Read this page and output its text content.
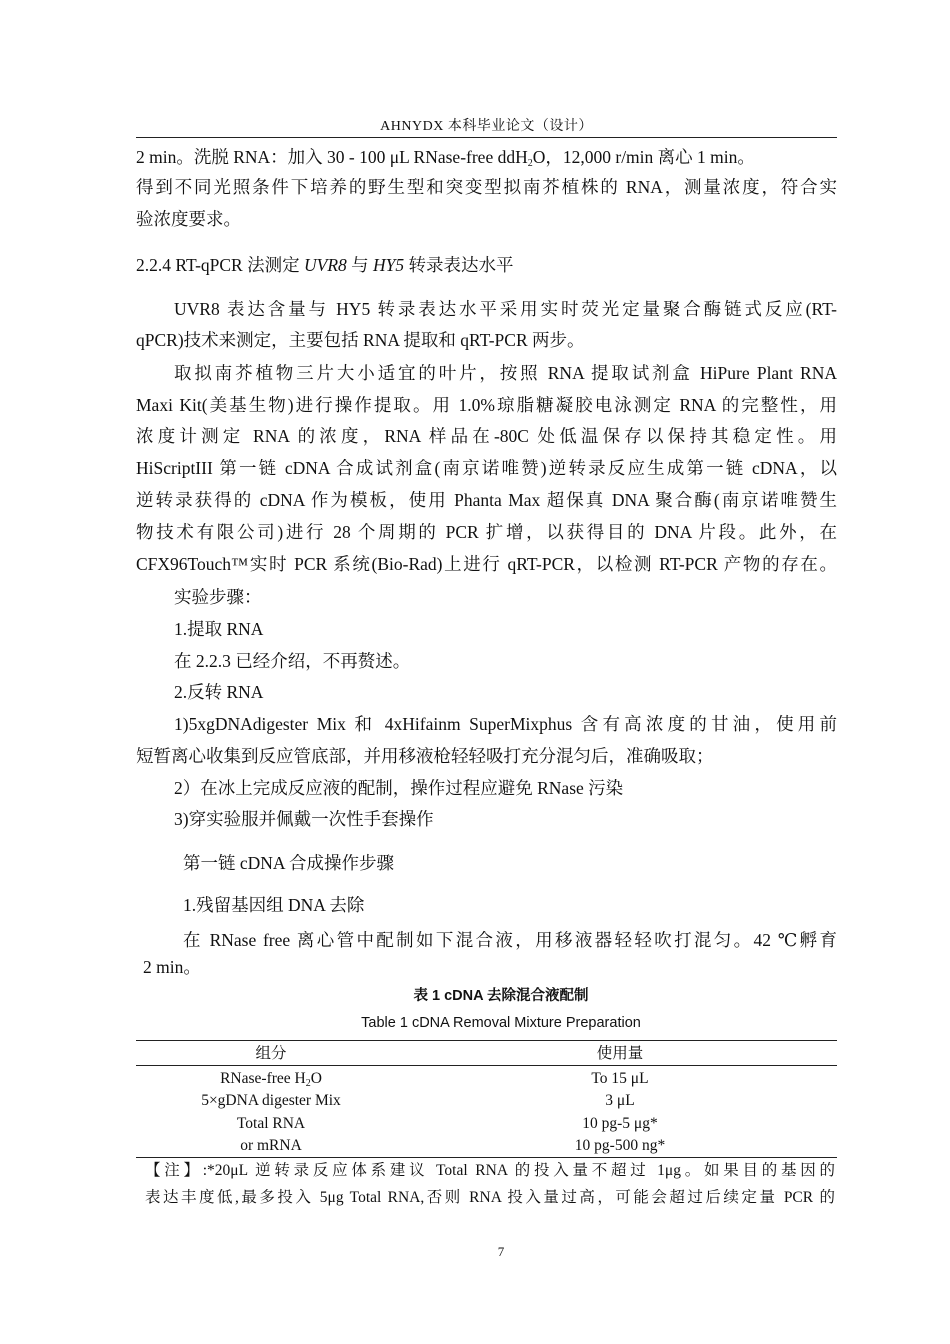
AHNYDX 本科毕业论文（设计）
2 min。洗脱 RNA：加入 30 - 100 μL RNase-free ddH$_2$O，12,000 r/min 离心 1 min。
得到不同光照条件下培养的野生型和突变型拟南芥植株的 RNA，测量浓度，符合实
验浓度要求。
2.2.4 RT-qPCR 法测定 UVR8 与 HY5 转录表达水平
UVR8 表达含量与 HY5 转录表达水平采用实时荧光定量聚合酶链式反应(RT-
qPCR)技术来测定，主要包括 RNA 提取和 qRT-PCR 两步。
取拟南芥植物三片大小适宜的叶片，按照 RNA 提取试剂盒 HiPure Plant RNA
Maxi Kit(美基生物)进行操作提取。用 1.0%琼脂糖凝胶电泳测定 RNA 的完整性，用
浓度计测定 RNA 的浓度，RNA 样品在-80C 处低温保存以保持其稳定性。用
HiScriptIII 第一链 cDNA 合成试剂盒(南京诺唯赞)逆转录反应生成第一链 cDNA，以
逆转录获得的 cDNA 作为模板，使用 Phanta Max 超保真 DNA 聚合酶(南京诺唯赞生
物技术有限公司)进行 28 个周期的 PCR 扩增，以获得目的 DNA 片段。此外，在
CFX96Touch™实时 PCR 系统(Bio-Rad)上进行 qRT-PCR，以检测 RT-PCR 产物的存在。
实验步骤：
1.提取 RNA
在 2.2.3 已经介绍，不再赘述。
2.反转 RNA
1)5xgDNAdigester Mix 和 4xHifainm SuperMixphus 含有高浓度的甘油，使用前
短暂离心收集到反应管底部，并用移液枪轻轻吸打充分混匀后，准确吸取；
2）在冰上完成反应液的配制，操作过程应避免 RNase 污染
3)穿实验服并佩戴一次性手套操作
第一链 cDNA 合成操作步骤
1.残留基因组 DNA 去除
在 RNase free 离心管中配制如下混合液，用移液器轻轻吹打混匀。42 ℃孵育
2 min。
表 1 cDNA 去除混合液配制
Table 1 cDNA Removal Mixture Preparation
组分	使用量
RNase-free $H_2O$	To 15 μL
5×gDNA digester Mix	3 μL
Total RNA	10 pg-5 μg*
or mRNA	10 pg-500 ng*
【注】:*20μL 逆转录反应体系建议 Total RNA 的投入量不超过 1μg。如果目的基因的
表达丰度低,最多投入 5μg Total RNA,否则 RNA 投入量过高，可能会超过后续定量 PCR 的
7
